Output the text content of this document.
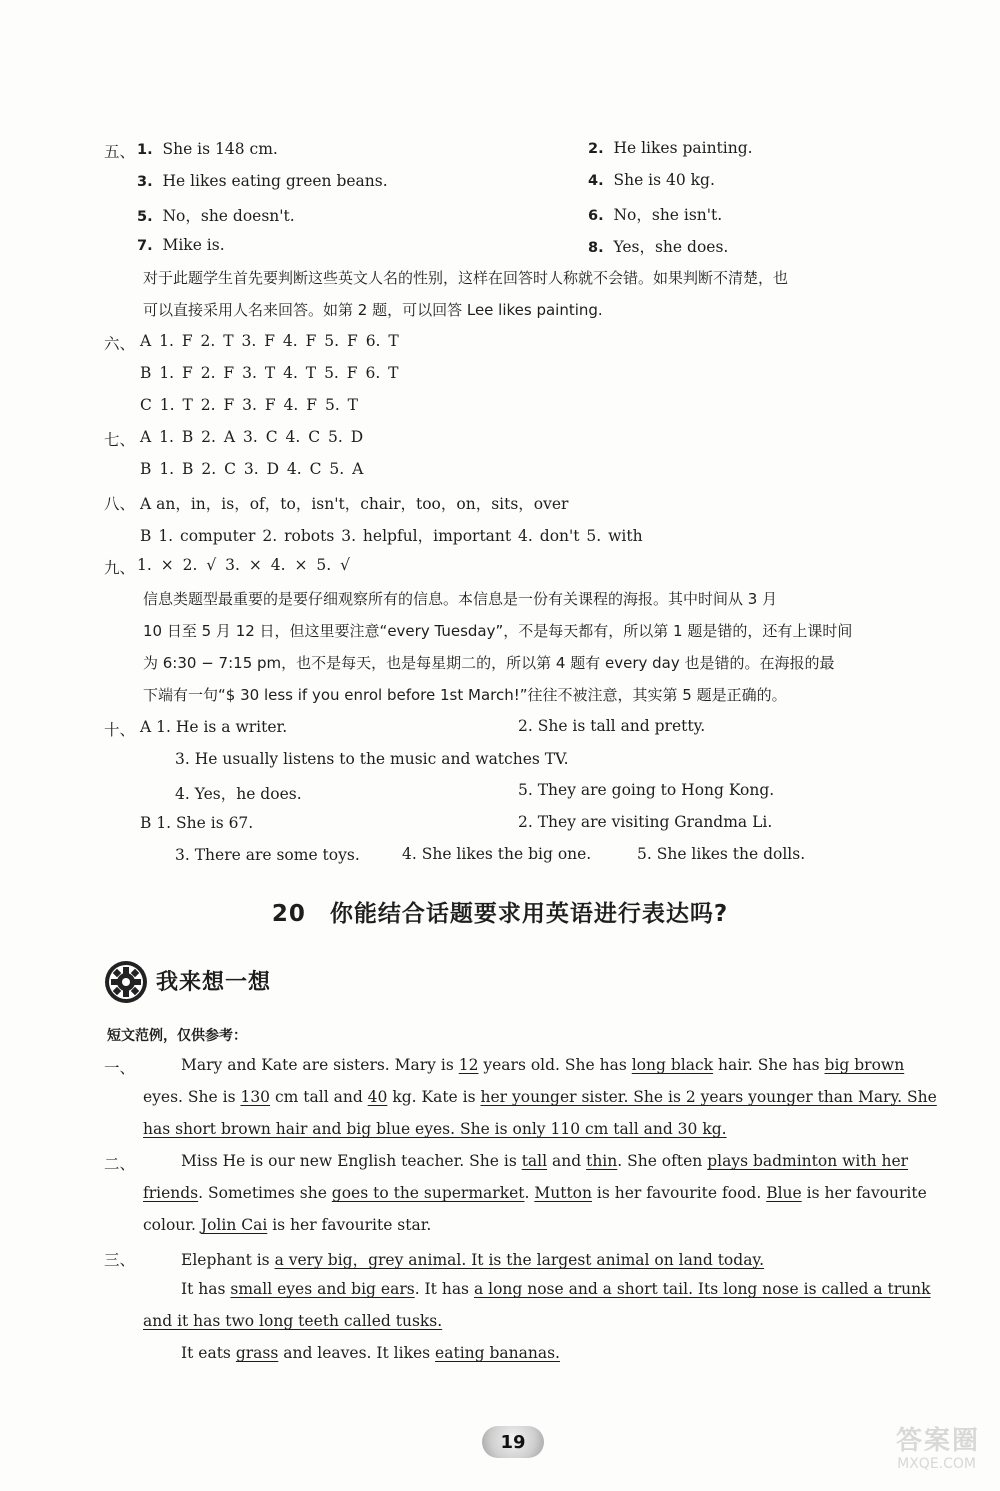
五、 1. She is 148 cm.	2. He likes painting.
3. He likes eating green beans.	4. She is 40 kg.
5. No，she doesn't.	6. No，she isn't.
7. Mike is.	8. Yes，she does.
对于此题学生首先要判断这些英文人名的性别，这样在回答时人称就不会错。如果判断不清楚，也
可以直接采用人名来回答。如第 2 题，可以回答 Lee likes painting.
六、 A 1. F 2. T 3. F 4. F 5. F 6. T
B 1. F 2. F 3. T 4. T 5. F 6. T
C 1. T 2. F 3. F 4. F 5. T
七、 A 1. B 2. A 3. C 4. C 5. D
B 1. B 2. C 3. D 4. C 5. A
八、 A an，in，is，of，to，isn't，chair，too，on，sits，over
B 1. computer 2. robots 3. helpful，important 4. don't 5. with
九、 1. × 2. √ 3. × 4. × 5. √
信息类题型最重要的是要仔细观察所有的信息。本信息是一份有关课程的海报。其中时间从 3 月
10 日至 5 月 12 日，但这里要注意“every Tuesday”，不是每天都有，所以第 1 题是错的，还有上课时间
为 6:30 − 7:15 pm，也不是每天，也是每星期二的，所以第 4 题有 every day 也是错的。在海报的最
下端有一句“$ 30 less if you enrol before 1st March!”往往不被注意，其实第 5 题是正确的。
十、 A 1. He is a writer.	2. She is tall and pretty.
3. He usually listens to the music and watches TV.
4. Yes，he does.	5. They are going to Hong Kong.
B 1. She is 67.	2. They are visiting Grandma Li.
3. There are some toys.	4. She likes the big one.	5. She likes the dolls.
20 你能结合话题要求用英语进行表达吗?
我来想一想
短文范例，仅供参考：
一、	Mary and Kate are sisters. Mary is 12 years old. She has long black hair. She has big brown
eyes. She is 130 cm tall and 40 kg. Kate is her younger sister. She is 2 years younger than Mary. She
has short brown hair and big blue eyes. She is only 110 cm tall and 30 kg.
二、	Miss He is our new English teacher. She is tall and thin. She often plays badminton with her
friends. Sometimes she goes to the supermarket. Mutton is her favourite food. Blue is her favourite
colour. Jolin Cai is her favourite star.
三、	Elephant is a very big，grey animal. It is the largest animal on land today.
It has small eyes and big ears. It has a long nose and a short tail. Its long nose is called a trunk
and it has two long teeth called tusks.
It eats grass and leaves. It likes eating bananas.
19	答案圈
MXQE.COM
